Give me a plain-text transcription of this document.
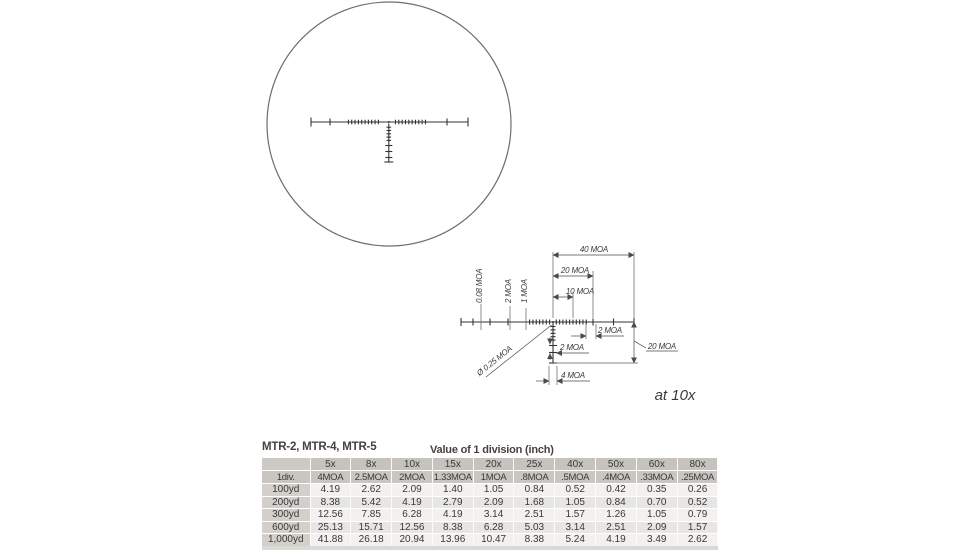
40 MOA
20 MOA
10 MOA
2 MOA
20 MOA
2 MOA
4 MOA
Ø 0.25 MOA
0.08 MOA	2 MOA 1 MOA
at 10x
MTR-2, MTR-4, MTR-5	Value of 1 division (inch)
	5x	8x	10x	15x	20x	25x	40x	50x	60x	80x
1div.	4MOA	2.5MOA	2MOA	1.33MOA	1MOA	.8MOA	.5MOA	.4MOA	.33MOA	.25MOA
100yd	4.19	2.62	2.09	1.40	1.05	0.84	0.52	0.42	0.35	0.26
200yd	8.38	5.42	4.19	2.79	2.09	1.68	1.05	0.84	0.70	0.52
300yd	12.56	7.85	6.28	4.19	3.14	2.51	1.57	1.26	1.05	0.79
600yd	25.13	15.71	12.56	8.38	6.28	5.03	3.14	2.51	2.09	1.57
1,000yd	41.88	26.18	20.94	13.96	10.47	8.38	5.24	4.19	3.49	2.62
